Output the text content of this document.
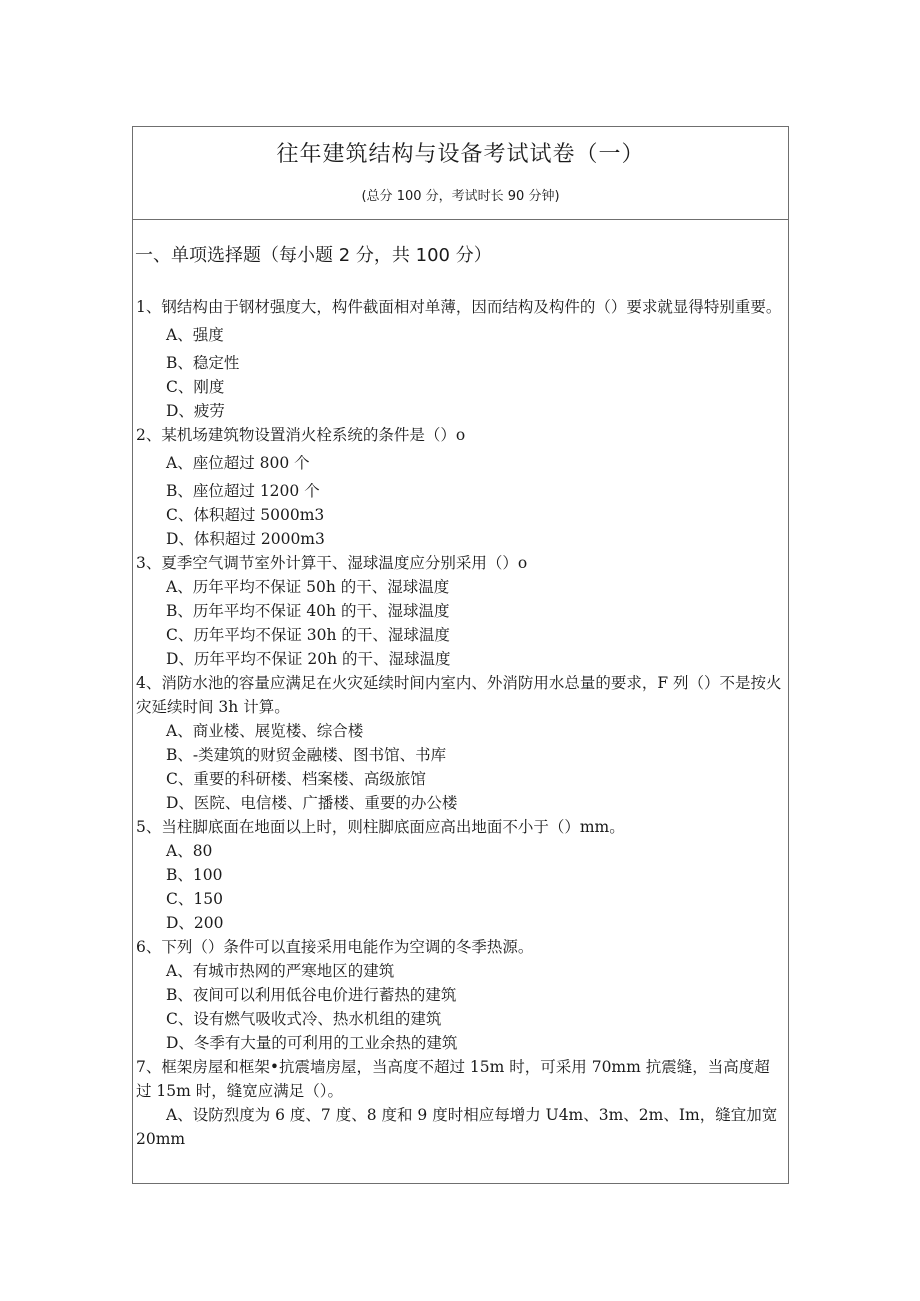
往年建筑结构与设备考试试卷（一）
(总分 100 分，考试时长 90 分钟)
一、单项选择题（每小题 2 分，共 100 分）
1、钢结构由于钢材强度大，构件截面相对单薄，因而结构及构件的（）要求就显得特别重要。
A、强度
B、稳定性
C、刚度
D、疲劳
2、某机场建筑物设置消火栓系统的条件是（）o
A、座位超过 800 个
B、座位超过 1200 个
C、体积超过 5000m3
D、体积超过 2000m3
3、夏季空气调节室外计算干、湿球温度应分别采用（）o
A、历年平均不保证 50h 的干、湿球温度
B、历年平均不保证 40h 的干、湿球温度
C、历年平均不保证 30h 的干、湿球温度
D、历年平均不保证 20h 的干、湿球温度
4、消防水池的容量应满足在火灾延续时间内室内、外消防用水总量的要求，F 列（）不是按火灾延续时间 3h 计算。
A、商业楼、展览楼、综合楼
B、-类建筑的财贸金融楼、图书馆、书库
C、重要的科研楼、档案楼、高级旅馆
D、医院、电信楼、广播楼、重要的办公楼
5、当柱脚底面在地面以上时，则柱脚底面应高出地面不小于（）mm。
A、80
B、100
C、150
D、200
6、下列（）条件可以直接采用电能作为空调的冬季热源。
A、有城市热网的严寒地区的建筑
B、夜间可以利用低谷电价进行蓄热的建筑
C、设有燃气吸收式冷、热水机组的建筑
D、冬季有大量的可利用的工业余热的建筑
7、框架房屋和框架•抗震墙房屋，当高度不超过 15m 时，可采用 70mm 抗震缝，当高度超过 15m 时，缝宽应满足（）。
A、设防烈度为 6 度、7 度、8 度和 9 度时相应每增力 U4m、3m、2m、Im，缝宜加宽 20mm
